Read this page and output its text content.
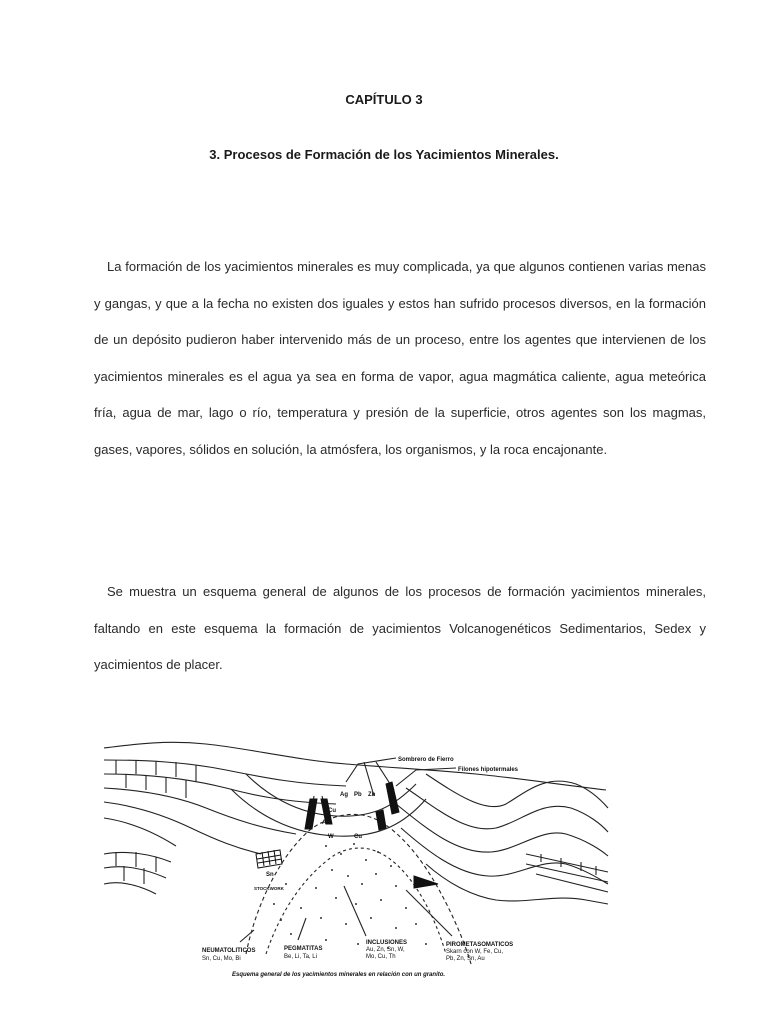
CAPÍTULO 3
3. Procesos de Formación de los Yacimientos Minerales.

La formación de los yacimientos minerales es muy complicada, ya que algunos contienen varias menas y gangas, y que a la fecha no existen dos iguales y estos han sufrido procesos diversos, en la formación de un depósito pudieron haber intervenido más de un proceso, entre los agentes que intervienen de los yacimientos minerales es el agua ya sea en forma de vapor, agua magmática caliente, agua meteórica fría, agua de mar, lago o río, temperatura y presión de la superficie, otros agentes son los magmas, gases, vapores, sólidos en solución, la atmósfera, los organismos, y la roca encajonante.

Se muestra un esquema general de algunos de los procesos de formación yacimientos minerales, faltando en este esquema la formación de yacimientos Volcanogenéticos Sedimentarios, Sedex y yacimientos de placer.

Sombrero de Fierro
Filones hipotermales
Ag Pb Zn
Cu
Au
W	Cu
Sn
STOCKWORK
NEUMATOLITICOS
Sn, Cu, Mo, Bi
PEGMATITAS
Be, Li, Ta, Li
INCLUSIONES
Au, Zn, Sn, W,
Mo, Cu, Th
PIROMETASOMATICOS
Skarn con W, Fe, Cu,
Pb, Zn, Sn, Au
Esquema general de los yacimientos minerales en relación con un granito.
